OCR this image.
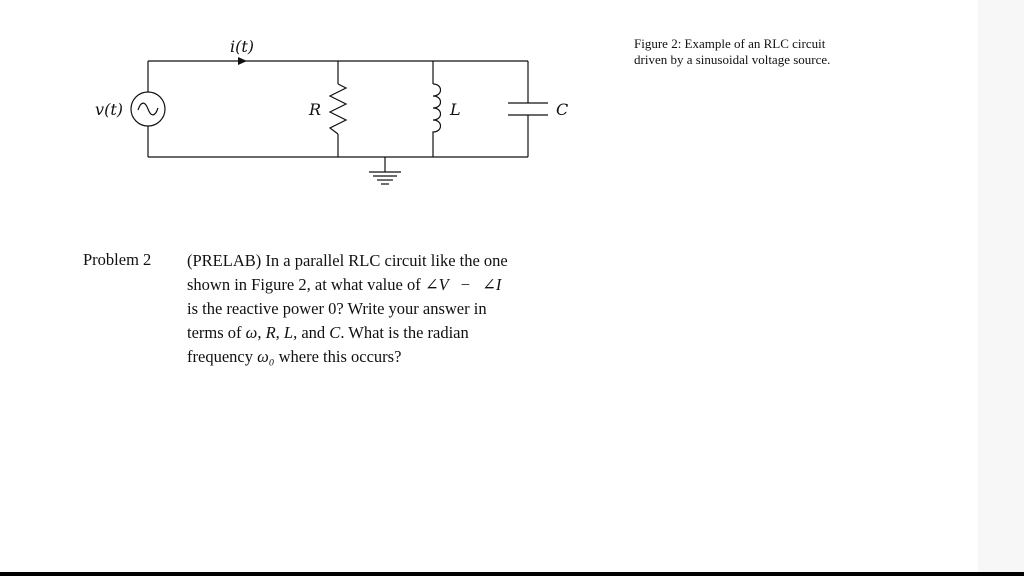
i(t)
v(t)	R	L	C
Figure 2: Example of an RLC circuit
driven by a sinusoidal voltage source.
Problem 2 (PRELAB) In a parallel RLC circuit like the one
shown in Figure 2, at what value of ∠V − ∠I
is the reactive power 0? Write your answer in
terms of ω, R, L, and C. What is the radian
frequency ω₀ where this occurs?
